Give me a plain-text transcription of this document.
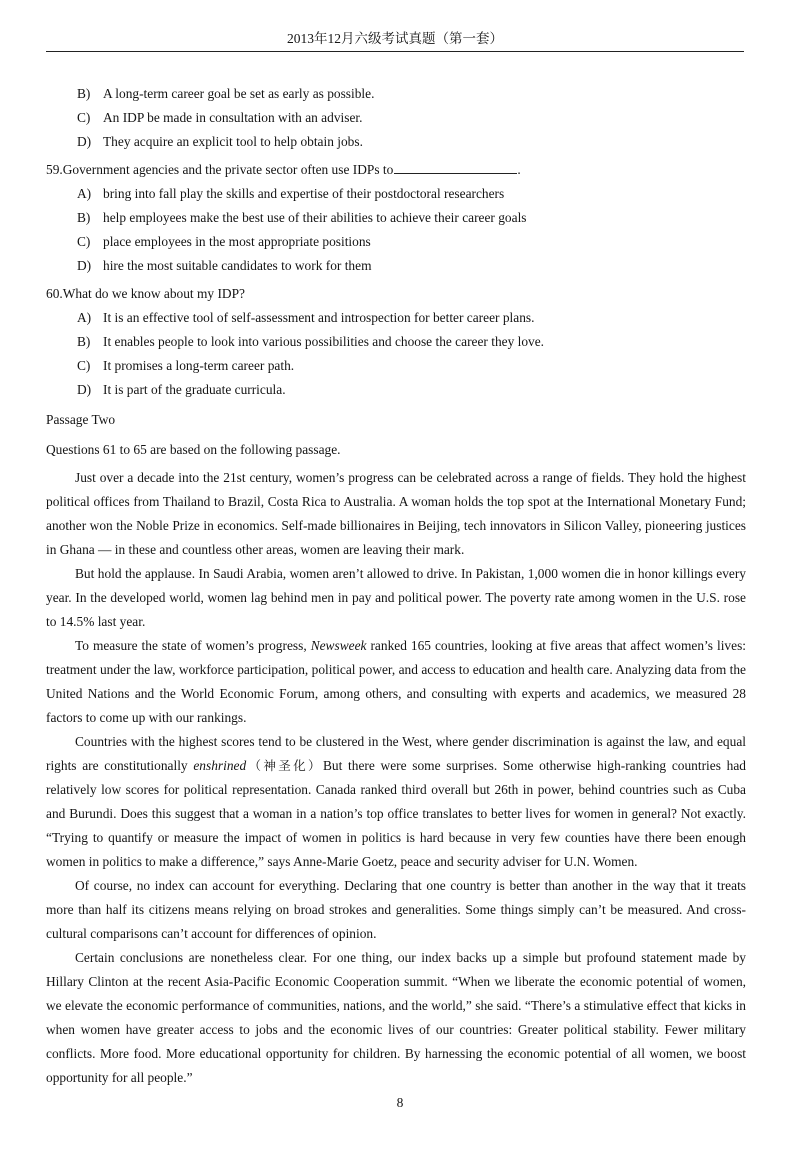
2013年12月六级考试真题（第一套）
B) A long-term career goal be set as early as possible.
C) An IDP be made in consultation with an adviser.
D) They acquire an explicit tool to help obtain jobs.
59.Government agencies and the private sector often use IDPs to	.
A) bring into fall play the skills and expertise of their postdoctoral researchers
B) help employees make the best use of their abilities to achieve their career goals
C) place employees in the most appropriate positions
D) hire the most suitable candidates to work for them
60.What do we know about my IDP?
A) It is an effective tool of self-assessment and introspection for better career plans.
B) It enables people to look into various possibilities and choose the career they love.
C) It promises a long-term career path.
D) It is part of the graduate curricula.
Passage Two
Questions 61 to 65 are based on the following passage.

Just over a decade into the 21st century, women’s progress can be celebrated across a range of fields. They hold the highest political offices from Thailand to Brazil, Costa Rica to Australia. A woman holds the top spot at the International Monetary Fund; another won the Noble Prize in economics. Self-made billionaires in Beijing, tech innovators in Silicon Valley, pioneering justices in Ghana — in these and countless other areas, women are leaving their mark.

But hold the applause. In Saudi Arabia, women aren’t allowed to drive. In Pakistan, 1,000 women die in honor killings every year. In the developed world, women lag behind men in pay and political power. The poverty rate among women in the U.S. rose to 14.5% last year.

To measure the state of women’s progress, Newsweek ranked 165 countries, looking at five areas that affect women’s lives: treatment under the law, workforce participation, political power, and access to education and health care. Analyzing data from the United Nations and the World Economic Forum, among others, and consulting with experts and academics, we measured 28 factors to come up with our rankings.

Countries with the highest scores tend to be clustered in the West, where gender discrimination is against the law, and equal rights are constitutionally enshrined（神圣化）But there were some surprises. Some otherwise high-ranking countries had relatively low scores for political representation. Canada ranked third overall but 26th in power, behind countries such as Cuba and Burundi. Does this suggest that a woman in a nation’s top office translates to better lives for women in general? Not exactly. “Trying to quantify or measure the impact of women in politics is hard because in very few counties have there been enough women in politics to make a difference,” says Anne-Marie Goetz, peace and security adviser for U.N. Women.

Of course, no index can account for everything. Declaring that one country is better than another in the way that it treats more than half its citizens means relying on broad strokes and generalities. Some things simply can’t be measured. And cross-cultural comparisons can’t account for differences of opinion.

Certain conclusions are nonetheless clear. For one thing, our index backs up a simple but profound statement made by Hillary Clinton at the recent Asia-Pacific Economic Cooperation summit. “When we liberate the economic potential of women, we elevate the economic performance of communities, nations, and the world,” she said. “There’s a stimulative effect that kicks in when women have greater access to jobs and the economic lives of our countries: Greater political stability. Fewer military conflicts. More food. More educational opportunity for children. By harnessing the economic potential of all women, we boost opportunity for all people.”

8
